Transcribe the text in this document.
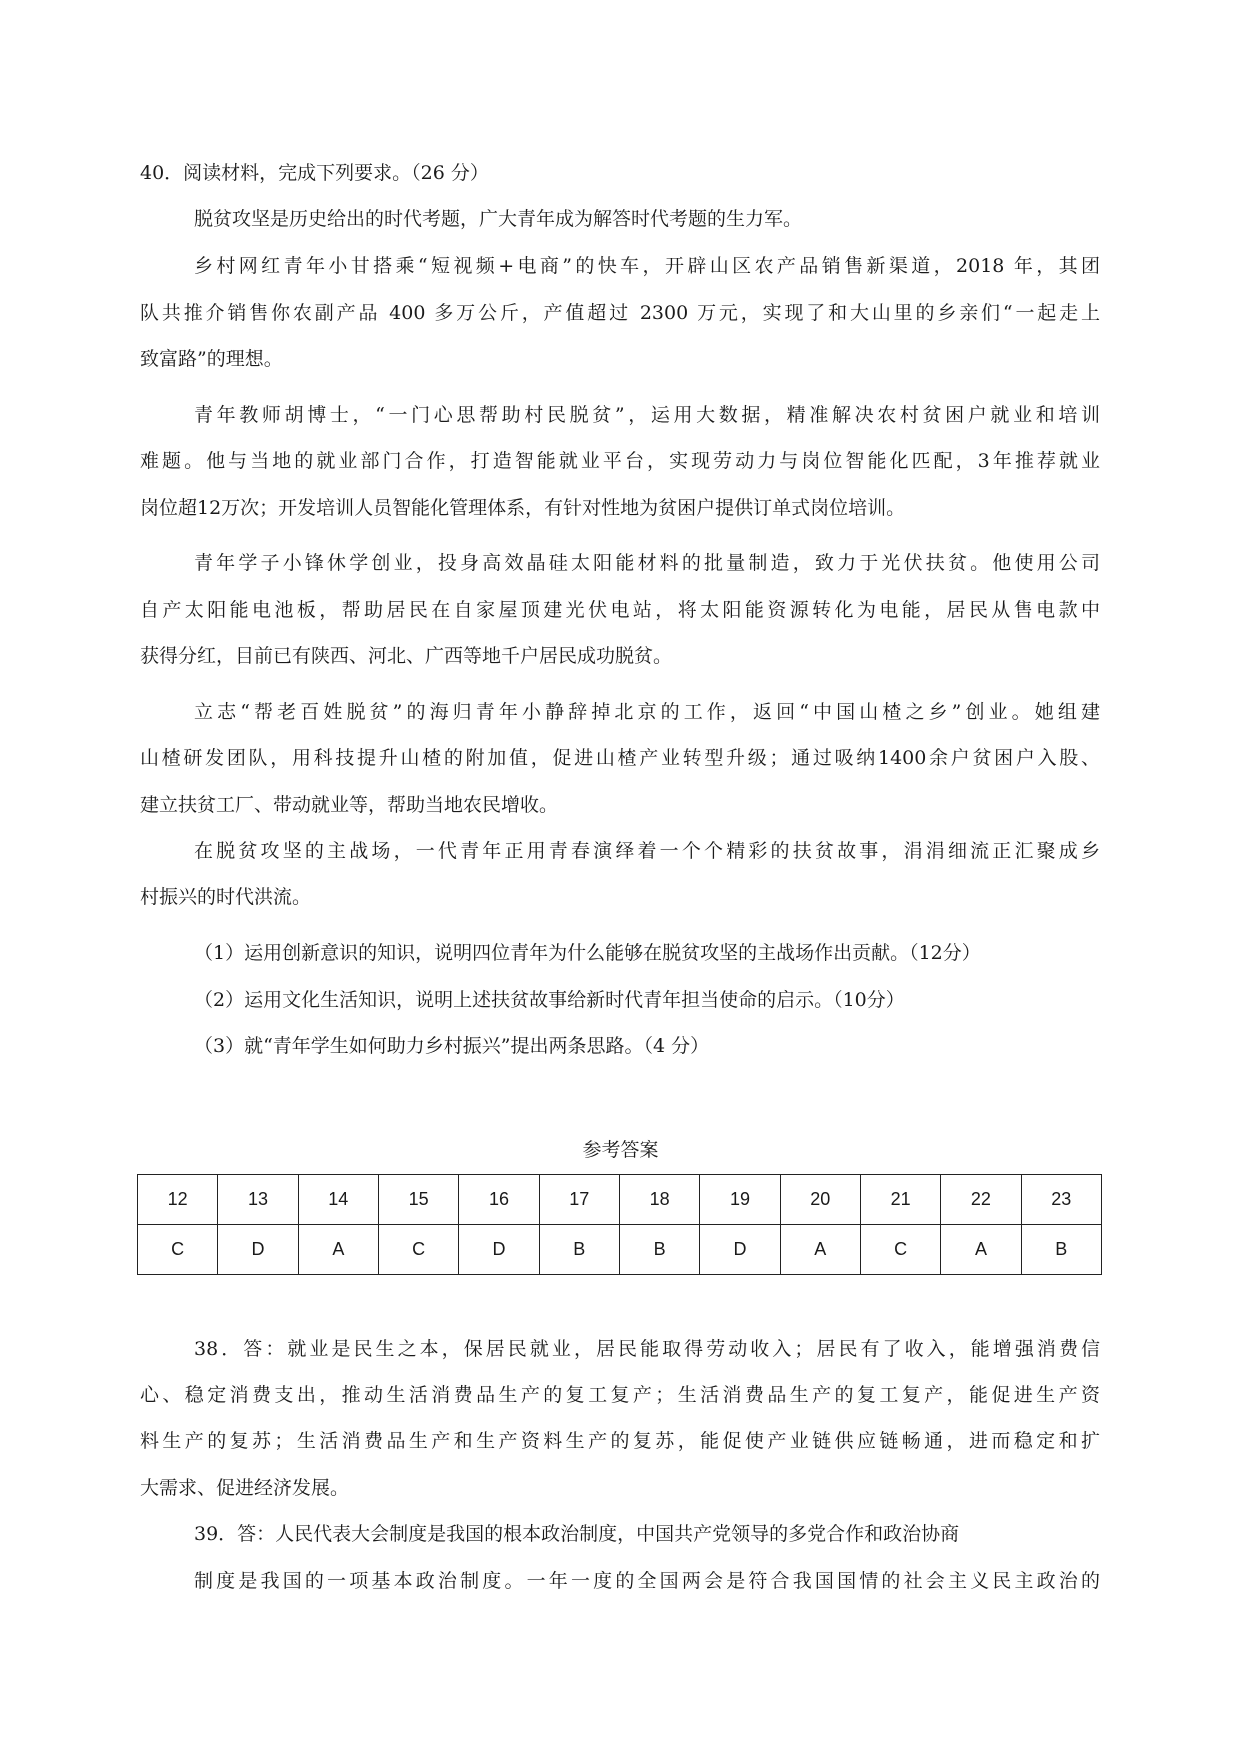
40．阅读材料，完成下列要求。（26 分）
脱贫攻坚是历史给出的时代考题，广大青年成为解答时代考题的生力军。
乡村网红青年小甘搭乘“短视频+电商”的快车，开辟山区农产品销售新渠道，2018 年，其团
队共推介销售你农副产品 400 多万公斤，产值超过 2300 万元，实现了和大山里的乡亲们“一起走上
致富路”的理想。
青年教师胡博士，“一门心思帮助村民脱贫”，运用大数据，精准解决农村贫困户就业和培训
难题。他与当地的就业部门合作，打造智能就业平台，实现劳动力与岗位智能化匹配，3年推荐就业
岗位超12万次；开发培训人员智能化管理体系，有针对性地为贫困户提供订单式岗位培训。
青年学子小锋休学创业，投身高效晶硅太阳能材料的批量制造，致力于光伏扶贫。他使用公司
自产太阳能电池板，帮助居民在自家屋顶建光伏电站，将太阳能资源转化为电能，居民从售电款中
获得分红，目前已有陕西、河北、广西等地千户居民成功脱贫。
立志“帮老百姓脱贫”的海归青年小静辞掉北京的工作，返回“中国山楂之乡”创业。她组建
山楂研发团队，用科技提升山楂的附加值，促进山楂产业转型升级；通过吸纳1400余户贫困户入股、
建立扶贫工厂、带动就业等，帮助当地农民增收。
在脱贫攻坚的主战场，一代青年正用青春演绎着一个个精彩的扶贫故事，涓涓细流正汇聚成乡
村振兴的时代洪流。
（1）运用创新意识的知识，说明四位青年为什么能够在脱贫攻坚的主战场作出贡献。（12分）
（2）运用文化生活知识，说明上述扶贫故事给新时代青年担当使命的启示。（10分）
（3）就“青年学生如何助力乡村振兴”提出两条思路。（4 分）
参考答案
12	13	14	15	16	17	18	19	20	21	22	23
C	D	A	C	D	B	B	D	A	C	A	B
38．答：就业是民生之本，保居民就业，居民能取得劳动收入；居民有了收入，能增强消费信
心、稳定消费支出，推动生活消费品生产的复工复产；生活消费品生产的复工复产，能促进生产资
料生产的复苏；生活消费品生产和生产资料生产的复苏，能促使产业链供应链畅通，进而稳定和扩
大需求、促进经济发展。
39．答：人民代表大会制度是我国的根本政治制度，中国共产党领导的多党合作和政治协商
制度是我国的一项基本政治制度。一年一度的全国两会是符合我国国情的社会主义民主政治的
